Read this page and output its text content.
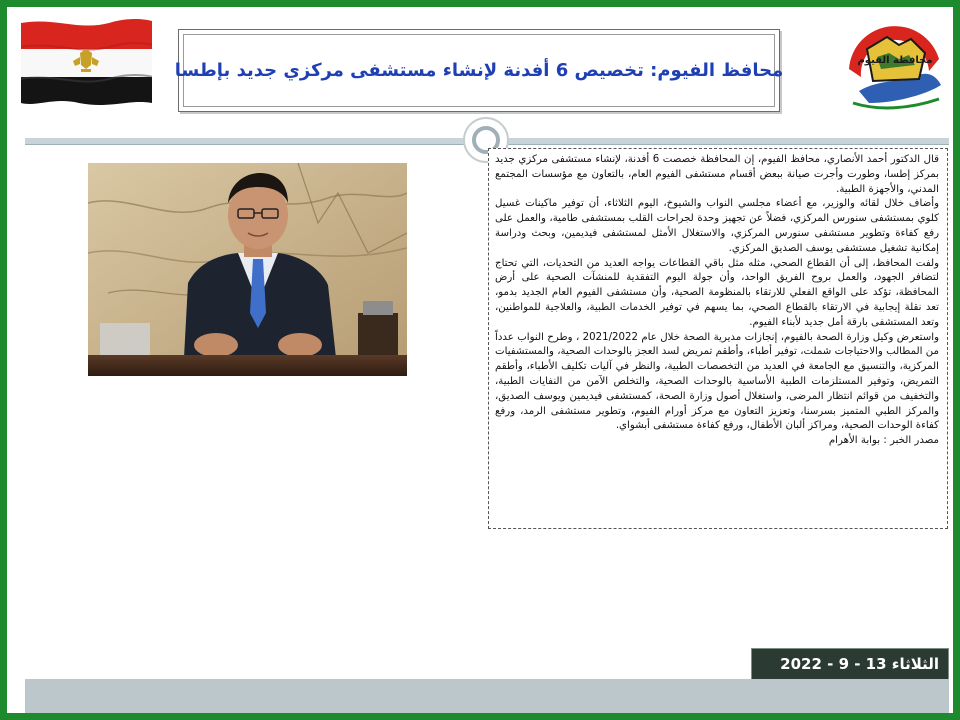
محافظة الفيوم
محافظ الفيوم: تخصيص 6 أفدنة لإنشاء مستشفى مركزي جديد بإطسا

قال الدكتور أحمد الأنصاري، محافظ الفيوم، إن المحافظة خصصت 6 أفدنة، لإنشاء مستشفى مركزي جديد بمركز إطسا، وطورت وأجرت صيانة ببعض أقسام مستشفى الفيوم العام، بالتعاون مع مؤسسات المجتمع المدني، والأجهزة الطبية.

وأضاف خلال لقائه والوزير، مع أعضاء مجلسي النواب والشيوخ، اليوم الثلاثاء، أن توفير ماكينات غسيل كلوي بمستشفى سنورس المركزي، فضلاً عن تجهيز وحدة لجراحات القلب بمستشفى طامية، والعمل على رفع كفاءة وتطوير مستشفى سنورس المركزي، والاستغلال الأمثل لمستشفى فيديمين، وبحث ودراسة إمكانية تشغيل مستشفى يوسف الصديق المركزي.

ولفت المحافظ، إلى أن القطاع الصحي، مثله مثل باقي القطاعات يواجه العديد من التحديات، التي تحتاج لتضافر الجهود، والعمل بروح الفريق الواحد، وأن جولة اليوم التفقدية للمنشآت الصحية على أرض المحافظة، تؤكد على الواقع الفعلي للارتقاء بالمنظومة الصحية، وأن مستشفى الفيوم العام الجديد بدمو، تعد نقلة إيجابية في الارتقاء بالقطاع الصحي، بما يسهم في توفير الخدمات الطبية، والعلاجية للمواطنين، وتعد المستشفى بارقة أمل جديد لأبناء الفيوم.

واستعرض وكيل وزارة الصحة بالفيوم، إنجازات مديرية الصحة خلال عام 2021/2022 ، وطرح النواب عدداً من المطالب والاحتياجات شملت، توفير أطباء، وأطقم تمريض لسد العجز بالوحدات الصحية، والمستشفيات المركزية، والتنسيق مع الجامعة في العديد من التخصصات الطبية، والنظر في آليات تكليف الأطباء، وأطقم التمريض، وتوفير المستلزمات الطبية الأساسية بالوحدات الصحية، والتخلص الآمن من النفايات الطبية، والتخفيف من قوائم انتظار المرضى، واستغلال أصول وزارة الصحة، كمستشفى فيديمين ويوسف الصديق، والمركز الطبي المتميز بسرسنا، وتعزيز التعاون مع مركز أورام الفيوم، وتطوير مستشفى الرمد، ورفع كفاءة الوحدات الصحية، ومراكز ألبان الأطفال، ورفع كفاءة مستشفى أبشواي.

مصدر الخبر : بوابة الأهرام

الثلاثاء 13 - 9 - 2022
